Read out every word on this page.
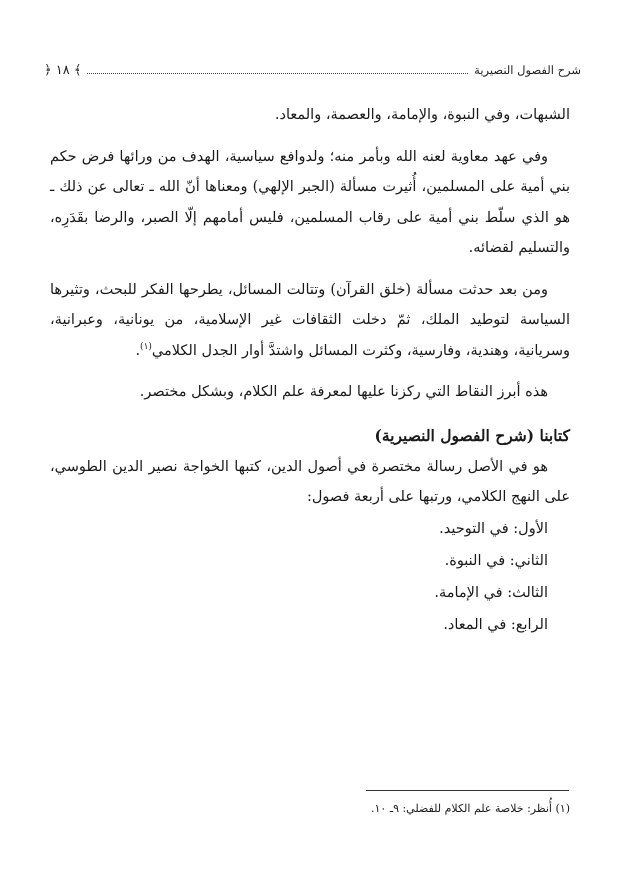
شرح الفصول النصيرية
﴾ ١٨ ﴿

الشبهات، وفي النبوة، والإمامة، والعصمة، والمعاد.

وفي عهد معاوية لعنه الله وبأمر منه؛ ولدوافع سياسية، الهدف من ورائها فرض حكم بني أمية على المسلمين، أُثيرت مسألة (الجبر الإلهي) ومعناها أنّ الله ـ تعالى عن ذلك ـ هو الذي سلّط بني أمية على رقاب المسلمين، فليس أمامهم إلّا الصبر، والرضا بقَدَرِه، والتسليم لقضائه.

ومن بعد حدثت مسألة (خلق القرآن) وتتالت المسائل، يطرحها الفكر للبحث، وتثيرها السياسة لتوطيد الملك، ثمّ دخلت الثقافات غير الإسلامية، من يونانية، وعبرانية، وسريانية، وهندية، وفارسية، وكثرت المسائل واشتدَّ أوار الجدل الكلامي$^{(١)}$.

هذه أبرز النقاط التي ركزنا عليها لمعرفة علم الكلام، وبشكل مختصر.

كتابنا (شرح الفصول النصيرية)

هو في الأصل رسالة مختصرة في أصول الدين، كتبها الخواجة نصير الدين الطوسي، على النهج الكلامي، ورتبها على أربعة فصول:

الأول: في التوحيد.

الثاني: في النبوة.

الثالث: في الإمامة.

الرابع: في المعاد.

(١) أُنظر: خلاصة علم الكلام للفضلي: ٩ـ ١٠.
